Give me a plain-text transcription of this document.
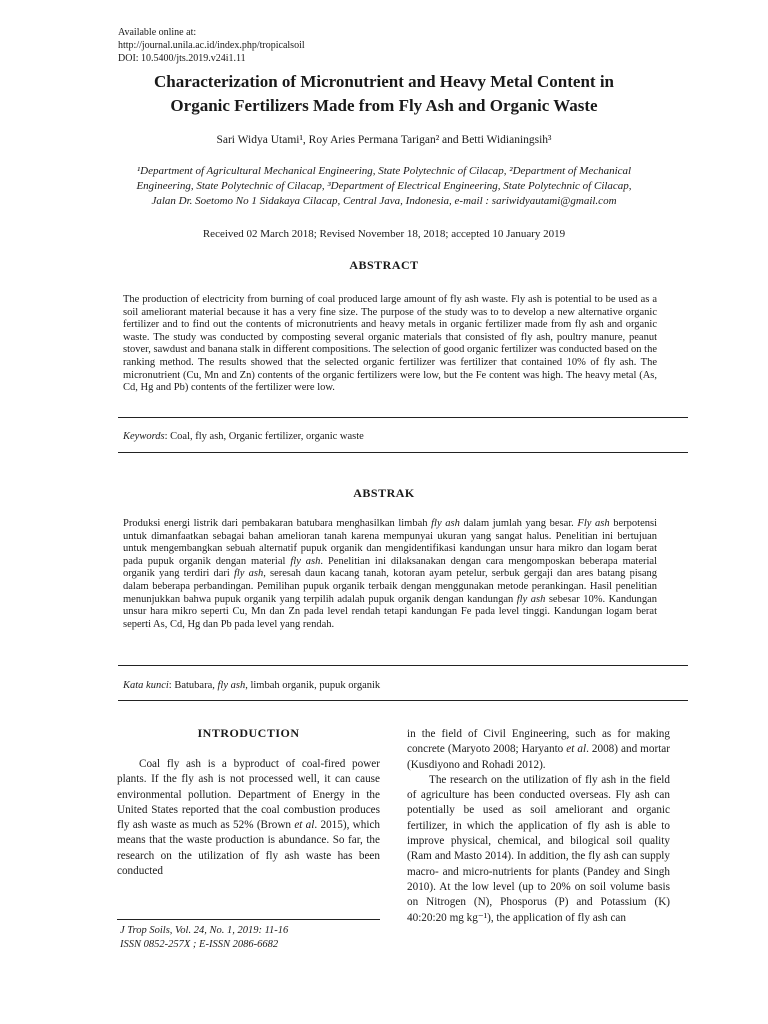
Available online at:
http://journal.unila.ac.id/index.php/tropicalsoil
DOI: 10.5400/jts.2019.v24i1.11
Characterization of Micronutrient and Heavy Metal Content in
Organic Fertilizers Made from Fly Ash and Organic Waste
Sari Widya Utami¹, Roy Aries Permana Tarigan² and Betti Widianingsih³
¹Department of Agricultural Mechanical Engineering, State Polytechnic of Cilacap, ²Department of Mechanical
Engineering, State Polytechnic of Cilacap, ³Department of Electrical Engineering, State Polytechnic of Cilacap,
Jalan Dr. Soetomo No 1 Sidakaya Cilacap, Central Java, Indonesia, e-mail : sariwidyautami@gmail.com
Received 02 March 2018; Revised November 18, 2018; accepted 10 January 2019
ABSTRACT
The production of electricity from burning of coal produced large amount of fly ash waste. Fly ash is potential to be used as a soil ameliorant material because it has a very fine size. The purpose of the study was to to develop a new alternative organic fertilizer and to find out the contents of micronutrients and heavy metals in organic fertilizer made from fly ash and organic waste. The study was conducted by composting several organic materials that consisted of fly ash, poultry manure, peanut stover, sawdust and banana stalk in different compositions. The selection of good organic fertilizer was conducted based on the ranking method. The results showed that the selected organic fertilizer was fertilizer that contained 10% of fly ash. The micronutrient (Cu, Mn and Zn) contents of the organic fertilizers were low, but the Fe content was high. The heavy metal (As, Cd, Hg and Pb) contents of the fertilizer were low.
Keywords: Coal, fly ash, Organic fertilizer, organic waste
ABSTRAK
Produksi energi listrik dari pembakaran batubara menghasilkan limbah fly ash dalam jumlah yang besar. Fly ash berpotensi untuk dimanfaatkan sebagai bahan amelioran tanah karena mempunyai ukuran yang sangat halus. Penelitian ini bertujuan untuk mengembangkan sebuah alternatif pupuk organik dan mengidentifikasi kandungan unsur hara mikro dan logam berat pada pupuk organik dengan material fly ash. Penelitian ini dilaksanakan dengan cara mengomposkan beberapa material organik yang terdiri dari fly ash, seresah daun kacang tanah, kotoran ayam petelur, serbuk gergaji dan ares batang pisang dalam beberapa perbandingan. Pemilihan pupuk organik terbaik dengan menggunakan metode perankingan. Hasil penelitian menunjukkan bahwa pupuk organik yang terpilih adalah pupuk organik dengan kandungan fly ash sebesar 10%. Kandungan unsur hara mikro seperti Cu, Mn dan Zn pada level rendah tetapi kandungan Fe pada level tinggi. Kandungan logam berat seperti As, Cd, Hg dan Pb pada level yang rendah.
Kata kunci: Batubara, fly ash, limbah organik, pupuk organik
INTRODUCTION

Coal fly ash is a byproduct of coal-fired power plants. If the fly ash is not processed well, it can cause environmental pollution. Department of Energy in the United States reported that the coal combustion produces fly ash waste as much as 52% (Brown et al. 2015), which means that the waste production is abundance. So far, the research on the utilization of fly ash waste has been conducted

in the field of Civil Engineering, such as for making concrete (Maryoto 2008; Haryanto et al. 2008) and mortar (Kusdiyono and Rohadi 2012).

The research on the utilization of fly ash in the field of agriculture has been conducted overseas. Fly ash can potentially be used as soil ameliorant and organic fertilizer, in which the application of fly ash is able to improve physical, chemical, and bilogical soil quality (Ram and Masto 2014). In addition, the fly ash can supply macro- and micro-nutrients for plants (Pandey and Singh 2010). At the low level (up to 20% on soil volume basis on Nitrogen (N), Phosporus (P) and Potassium (K) 40:20:20 mg kg⁻¹), the application of fly ash can

J Trop Soils, Vol. 24, No. 1, 2019: 11-16
ISSN 0852-257X ; E-ISSN 2086-6682
